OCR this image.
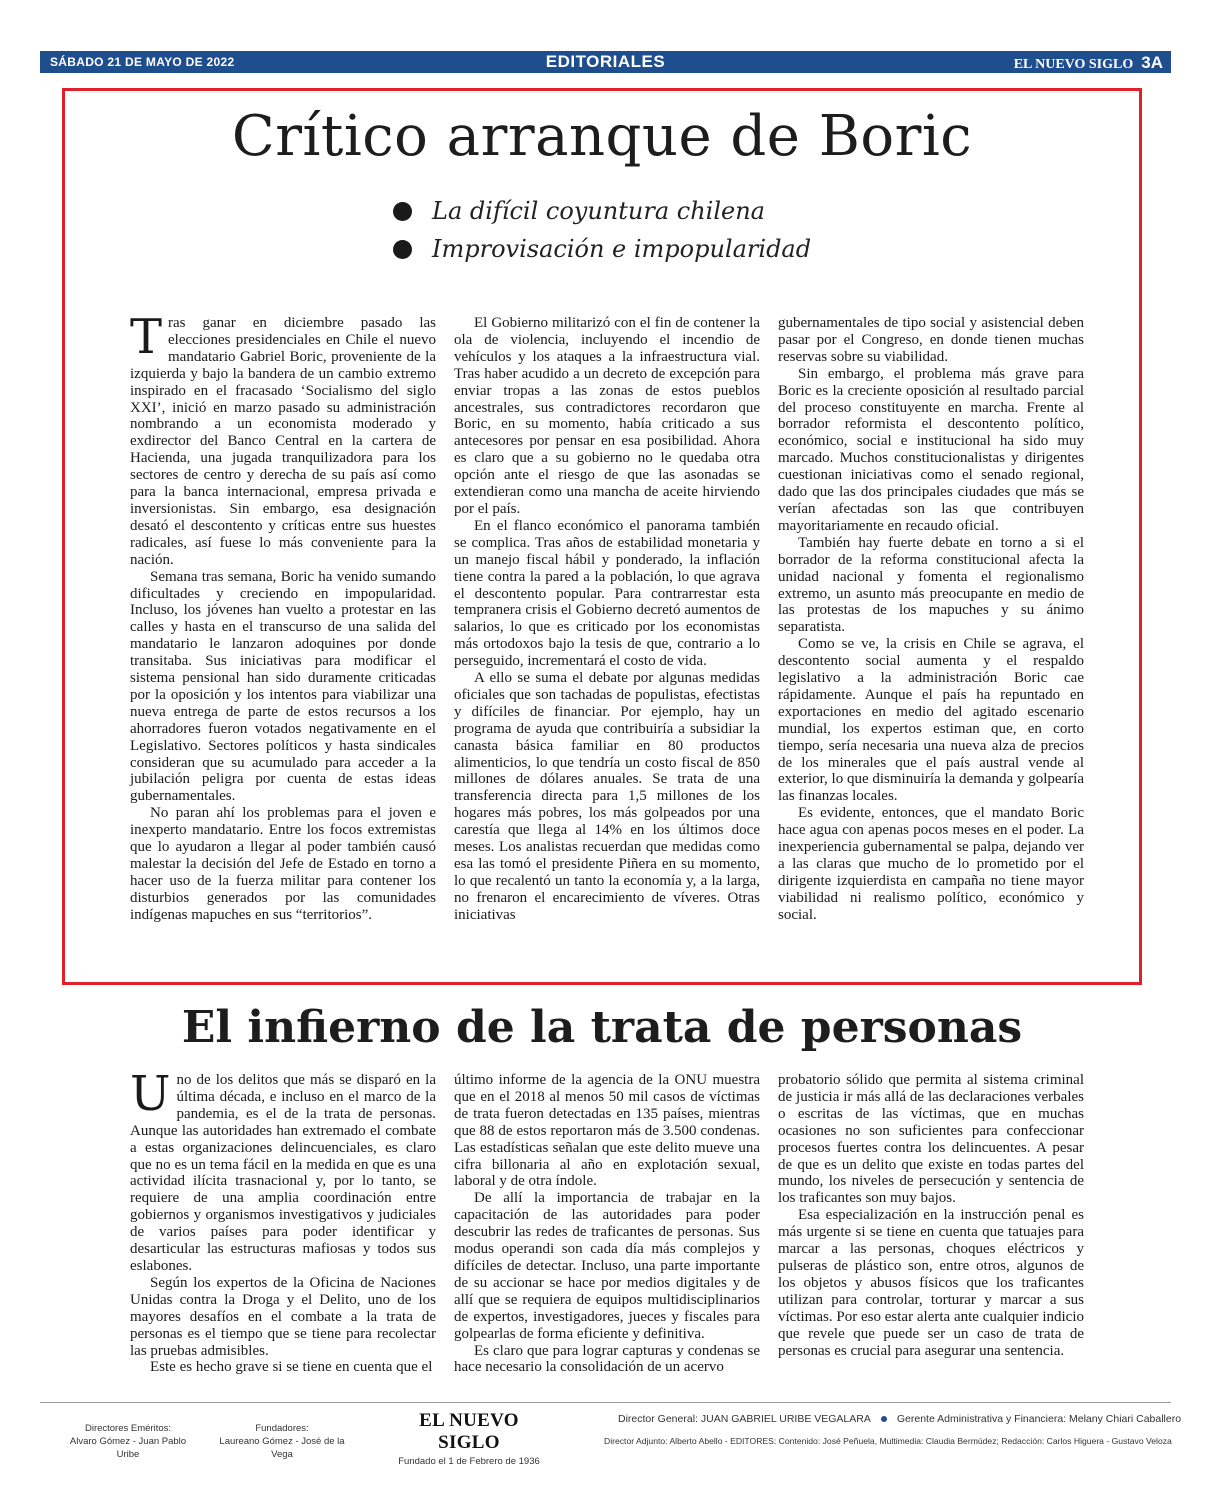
SÁBADO 21 DE MAYO DE 2022	EDITORIALES	EL NUEVO SIGLO 3A
Crítico arranque de Boric
La difícil coyuntura chilena
Improvisación e impopularidad

Tras ganar en diciembre pasado las elecciones presidenciales en Chile el nuevo mandatario Gabriel Boric, proveniente de la izquierda y bajo la bandera de un cambio extremo inspirado en el fracasado ‘Socialismo del siglo XXI’, inició en marzo pasado su administración nombrando a un economista moderado y exdirector del Banco Central en la cartera de Hacienda, una jugada tranquilizadora para los sectores de centro y derecha de su país así como para la banca internacional, empresa privada e inversionistas. Sin embargo, esa designación desató el descontento y críticas entre sus huestes radicales, así fuese lo más conveniente para la nación.

Semana tras semana, Boric ha venido sumando dificultades y creciendo en impopularidad. Incluso, los jóvenes han vuelto a protestar en las calles y hasta en el transcurso de una salida del mandatario le lanzaron adoquines por donde transitaba. Sus iniciativas para modificar el sistema pensional han sido duramente criticadas por la oposición y los intentos para viabilizar una nueva entrega de parte de estos recursos a los ahorradores fueron votados negativamente en el Legislativo. Sectores políticos y hasta sindicales consideran que su acumulado para acceder a la jubilación peligra por cuenta de estas ideas gubernamentales.

No paran ahí los problemas para el joven e inexperto mandatario. Entre los focos extremistas que lo ayudaron a llegar al poder también causó malestar la decisión del Jefe de Estado en torno a hacer uso de la fuerza militar para contener los disturbios generados por las comunidades indígenas mapuches en sus “territorios”.

El Gobierno militarizó con el fin de contener la ola de violencia, incluyendo el incendio de vehículos y los ataques a la infraestructura vial. Tras haber acudido a un decreto de excepción para enviar tropas a las zonas de estos pueblos ancestrales, sus contradictores recordaron que Boric, en su momento, había criticado a sus antecesores por pensar en esa posibilidad. Ahora es claro que a su gobierno no le quedaba otra opción ante el riesgo de que las asonadas se extendieran como una mancha de aceite hirviendo por el país.

En el flanco económico el panorama también se complica. Tras años de estabilidad monetaria y un manejo fiscal hábil y ponderado, la inflación tiene contra la pared a la población, lo que agrava el descontento popular. Para contrarrestar esta tempranera crisis el Gobierno decretó aumentos de salarios, lo que es criticado por los economistas más ortodoxos bajo la tesis de que, contrario a lo perseguido, incrementará el costo de vida.

A ello se suma el debate por algunas medidas oficiales que son tachadas de populistas, efectistas y difíciles de financiar. Por ejemplo, hay un programa de ayuda que contribuiría a subsidiar la canasta básica familiar en 80 productos alimenticios, lo que tendría un costo fiscal de 850 millones de dólares anuales. Se trata de una transferencia directa para 1,5 millones de los hogares más pobres, los más golpeados por una carestía que llega al 14% en los últimos doce meses. Los analistas recuerdan que medidas como esa las tomó el presidente Piñera en su momento, lo que recalentó un tanto la economía y, a la larga, no frenaron el encarecimiento de víveres. Otras iniciativas

gubernamentales de tipo social y asistencial deben pasar por el Congreso, en donde tienen muchas reservas sobre su viabilidad.

Sin embargo, el problema más grave para Boric es la creciente oposición al resultado parcial del proceso constituyente en marcha. Frente al borrador reformista el descontento político, económico, social e institucional ha sido muy marcado. Muchos constitucionalistas y dirigentes cuestionan iniciativas como el senado regional, dado que las dos principales ciudades que más se verían afectadas son las que contribuyen mayoritariamente en recaudo oficial.

También hay fuerte debate en torno a si el borrador de la reforma constitucional afecta la unidad nacional y fomenta el regionalismo extremo, un asunto más preocupante en medio de las protestas de los mapuches y su ánimo separatista.

Como se ve, la crisis en Chile se agrava, el descontento social aumenta y el respaldo legislativo a la administración Boric cae rápidamente. Aunque el país ha repuntado en exportaciones en medio del agitado escenario mundial, los expertos estiman que, en corto tiempo, sería necesaria una nueva alza de precios de los minerales que el país austral vende al exterior, lo que disminuiría la demanda y golpearía las finanzas locales.

Es evidente, entonces, que el mandato Boric hace agua con apenas pocos meses en el poder. La inexperiencia gubernamental se palpa, dejando ver a las claras que mucho de lo prometido por el dirigente izquierdista en campaña no tiene mayor viabilidad ni realismo político, económico y social.

El infierno de la trata de personas

Uno de los delitos que más se disparó en la última década, e incluso en el marco de la pandemia, es el de la trata de personas. Aunque las autoridades han extremado el combate a estas organizaciones delincuenciales, es claro que no es un tema fácil en la medida en que es una actividad ilícita trasnacional y, por lo tanto, se requiere de una amplia coordinación entre gobiernos y organismos investigativos y judiciales de varios países para poder identificar y desarticular las estructuras mafiosas y todos sus eslabones.

Según los expertos de la Oficina de Naciones Unidas contra la Droga y el Delito, uno de los mayores desafíos en el combate a la trata de personas es el tiempo que se tiene para recolectar las pruebas admisibles.

Este es hecho grave si se tiene en cuenta que el

último informe de la agencia de la ONU muestra que en el 2018 al menos 50 mil casos de víctimas de trata fueron detectadas en 135 países, mientras que 88 de estos reportaron más de 3.500 condenas. Las estadísticas señalan que este delito mueve una cifra billonaria al año en explotación sexual, laboral y de otra índole.

De allí la importancia de trabajar en la capacitación de las autoridades para poder descubrir las redes de traficantes de personas. Sus modus operandi son cada día más complejos y difíciles de detectar. Incluso, una parte importante de su accionar se hace por medios digitales y de allí que se requiera de equipos multidisciplinarios de expertos, investigadores, jueces y fiscales para golpearlas de forma eficiente y definitiva.

Es claro que para lograr capturas y condenas se hace necesario la consolidación de un acervo

probatorio sólido que permita al sistema criminal de justicia ir más allá de las declaraciones verbales o escritas de las víctimas, que en muchas ocasiones no son suficientes para confeccionar procesos fuertes contra los delincuentes. A pesar de que es un delito que existe en todas partes del mundo, los niveles de persecución y sentencia de los traficantes son muy bajos.

Esa especialización en la instrucción penal es más urgente si se tiene en cuenta que tatuajes para marcar a las personas, choques eléctricos y pulseras de plástico son, entre otros, algunos de los objetos y abusos físicos que los traficantes utilizan para controlar, torturar y marcar a sus víctimas. Por eso estar alerta ante cualquier indicio que revele que puede ser un caso de trata de personas es crucial para asegurar una sentencia.

Directores Eméritos:
Alvaro Gómez - Juan Pablo Uribe
Fundadores:
Laureano Gómez - José de la Vega
EL NUEVO SIGLO
Fundado el 1 de Febrero de 1936
Director General: JUAN GABRIEL URIBE VEGALARA Gerente Administrativa y Financiera: Melany Chiari Caballero
Director Adjunto: Alberto Abello - EDITORES: Contenido: José Peñuela, Multimedia: Claudia Bermúdez; Redacción: Carlos Higuera - Gustavo Veloza
